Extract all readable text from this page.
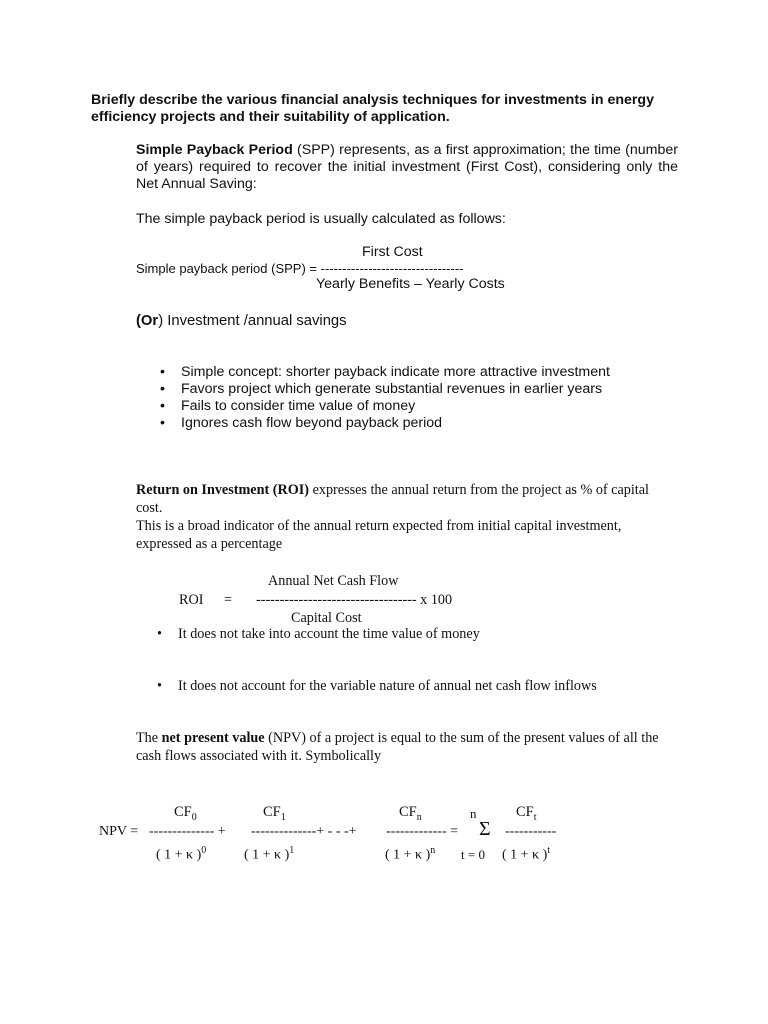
Briefly describe the various financial analysis techniques for investments in energy efficiency projects and their suitability of application.
Simple Payback Period (SPP) represents, as a first approximation; the time (number of years) required to recover the initial investment (First Cost), considering only the Net Annual Saving:
The simple payback period is usually calculated as follows:
First Cost
Simple payback period (SPP) = ---------------------------------
Yearly Benefits – Yearly Costs
(Or) Investment /annual savings
• Simple concept: shorter payback indicate more attractive investment
• Favors project which generate substantial revenues in earlier years
• Fails to consider time value of money
• Ignores cash flow beyond payback period
Return on Investment (ROI) expresses the annual return from the project as % of capital cost.
This is a broad indicator of the annual return expected from initial capital investment, expressed as a percentage
Annual Net Cash Flow
ROI = ---------------------------------- x 100
Capital Cost
• It does not take into account the time value of money
• It does not account for the variable nature of annual net cash flow inflows
The net present value (NPV) of a project is equal to the sum of the present values of all the cash flows associated with it. Symbolically
$CF_0$	$CF_1$	$CF_n$	n	$CF_t$
NPV = -------------- + --------------+ - - -+ ------------- = Σ -----------
( 1 + κ )$^0$	( 1 + κ )$^1$	( 1 + κ )$^n$ t = 0 ( 1 + κ )$^t$
